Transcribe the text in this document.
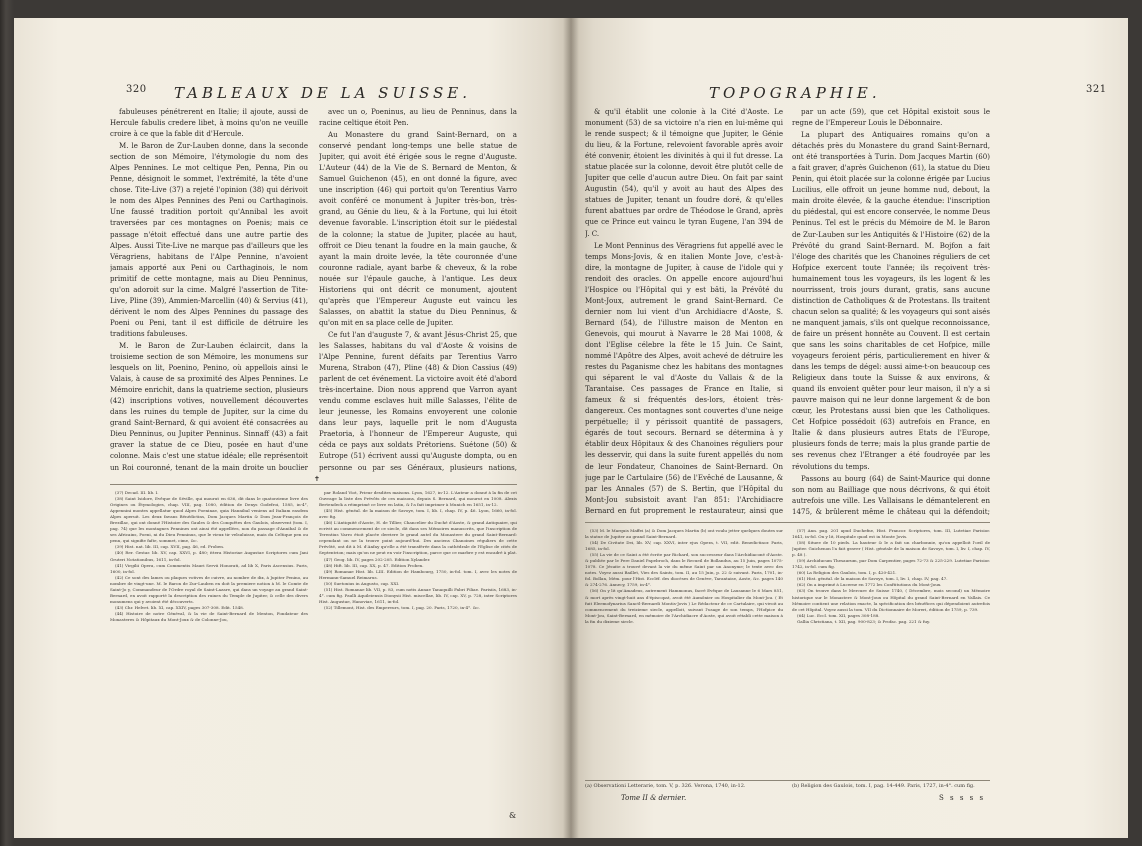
320 TABLEAUX DE LA SUISSE.

fabuleuses pénétrerent en Italie; il ajoute, aussi de Hercule fabulis credere libet, à moins qu'on ne veuille croire à ce que la fable dit d'Hercule.

M. le Baron de Zur-Lauben donne, dans la seconde section de son Mémoire, l'étymologie du nom des Alpes Pennines. Le mot celtique Pen, Penna, Pin ou Penne, désignoit le sommet, l'extrémité, la tête d'une chose. Tite-Live (37) a rejeté l'opinion (38) qui dérivoit le nom des Alpes Pennines des Peni ou Carthaginois. Une faussé tradition portoit qu'Annibal les avoit traversées par ces montagnes on Poenis; mais ce passage n'étoit effectué dans une autre partie des Alpes. Aussi Tite-Live ne marque pas d'ailleurs que les Véragriens, habitans de l'Alpe Pennine, n'avoient jamais apporté aux Peni ou Carthaginois, le nom primitif de cette montagne, mais au Dieu Penninus, qu'on adoroit sur la cime. Malgré l'assertion de Tite-Live, Pline (39), Ammien-Marcellin (40) & Servius (41), dérivent le nom des Alpes Pennines du passage des Poeni ou Peni, tant il est difficile de détruire les traditions fabuleuses.

M. le Baron de Zur-Lauben éclaircit, dans la troisieme section de son Mémoire, les monumens sur lesquels on lit, Poenino, Penino, où appellois ainsi le Valais, à cause de sa proximité des Alpes Pennines. Le Mémoire enrichit, dans la quatrieme section, plusieurs (42) inscriptions votives, nouvellement découvertes dans les ruines du temple de Jupiter, sur la cime du grand Saint-Bernard, & qui avoient été consacrées au Dieu Penninus, ou Jupiter Penninus. Sinnaff (43) a fait graver la statue de ce Dieu, posée en haut d'une colonne. Mais c'est une statue idéale; elle représentoit un Roi couronné, tenant de la main droite un bouclier

avec un o, Poeninus, au lieu de Penninus, dans la racine celtique étoit Pen.

Au Monastere du grand Saint-Bernard, on a conservé pendant long-temps une belle statue de Jupiter, qui avoit été érigée sous le regne d'Auguste. L'Auteur (44) de la Vie de S. Bernard de Menton, & Samuel Guichenon (45), en ont donné la figure, avec une inscription (46) qui portoit qu'on Terentius Varro avoit conféré ce monument à Jupiter très-bon, très-grand, au Génie du lieu, & à la Fortune, qui lui étoit devenue favorable. L'inscription étoit sur le piédestal de la colonne; la statue de Jupiter, placée au haut, offroit ce Dieu tenant la foudre en la main gauche, & ayant la main droite levée, la tête couronnée d'une couronne radiale, ayant barbe & cheveux, & la robe nouée sur l'épaule gauche, à l'antique. Les deux Historiens qui ont décrit ce monument, ajoutent qu'après que l'Empereur Auguste eut vaincu les Salasses, on abattit la statue du Dieu Penninus, & qu'on mit en sa place celle de Jupiter.

Ce fut l'an d'auguste 7, & avant Jésus-Christ 25, que les Salasses, habitans du val d'Aoste & voisins de l'Alpe Pennine, furent défaits par Terentius Varro Murena, Strabon (47), Pline (48) & Dion Cassius (49) parlent de cet événement. La victoire avoit été d'abord très-incertaine. Dion nous apprend que Varron ayant vendu comme esclaves huit mille Salasses, l'élite de leur jeunesse, les Romains envoyerent une colonie dans leur pays, laquelle prit le nom d'Augusta Praetoria, à l'honneur de l'Empereur Auguste, qui céda ce pays aux soldats Prétoriens. Suétone (50) & Eutrope (51) écrivent aussi qu'Auguste dompta, ou en personne ou par ses Généraux, plusieurs nations,

✝

(37) Decad. III. lib. I.

(38) Saint Isidore, Evêque de Séville, qui mourut en 636, dit dans le quatorzieme livre des Origines ou Étymologies, chap. VIII, pag. 1080, édition de Denys Godefroi, 1585, in-4°, Appennini montes appellatur quod Alpes Poeninae, quia Hannibal veniens ad Italiam easdem Alpes aperuit. Les deux favans Bénédictins, Dom Jacques Martin & Dom Jean-François de Brezillac, qui ont donné l'Histoire des Gaules & des Conquêtes des Gaulois, observent (tom. I, pag. 74) que les montagnes Pennines ont ainsi été appellées, non du passage d'Annibal & de ses Africains, Poeni, ni du Dieu Penninus, que le vieux tir velsuluisse, mais du Celtique pen ou penn, qui signifie faîte, sommet, cime, &c.

(39) Hist. nat. lib. III, cap. XVII, pag. 46, ed. Froben.

(40) Rer. Gestar. lib. XV, cap. XXVI, p. 480; ittera Historiae Augustae Scriptores cum Jani Gruteri Notationibus, 1611, in-fol.

(41) Virgilii Opera, cum Commentis Mauri Servii Honorati, ad lib X, Paris Ascensius. Paris, 1600, in-fol.

(42) Ce sont des lames ou plaques votives de cuivre, au nombre de dix, à Jupiter Penino, au nombre de vingt-une. M. le Baron de Zur-Lauben en doit la premiere notion à M. le Comte de Saint-Jo y, Commandeur de l'Ordre royal de Saint-Lazare, qui dans un voyage au grand Saint-Bernard, en avoit rapporté la description des ruines du Temple de Jupiter, & celle des divers monumens qui y avoient été découverts.

(43) Chr. Helvet. lib. XI, cap. XXIV, pages 307-308. Edit. 1548.

(44) Histoire de notre Généval, & la vie de Saint-Bernard de Menton, Fondateur des Monasteres & Hôpitaux du Mont-Joux & de Colonne-Jou,

par Roland Viot, Prieur desdites maisons. Lyon, 1627, in-12. L'Auteur a donné à la fin de cet Ouvrage la liste des Prévôts de ces maisons, depuis S. Bernard, qui mourut en 1008. Alexis Bertendeck a réimprimé ce livre en latin, & l'a fait imprimer à Munich en 1651, in-12.

(45) Hist. généal. de la maison de Savoye, tom. I, lib. I, chap. IV, p. 46. Lyon, 1660, in-fol. avec fig.

(46) L'Antiquité d'Aoste, H. de Tillier, Chancelier du Duché d'Aoste, & grand Antiquaire, qui ecrivit au commencement de ce siecle, dit dans ses Mémoires manuscrits, que l'inscription de Terentius Varro étoit placée derriere le grand autel du Monastere du grand Saint-Bernard: cependant on ne la trouve point aujourd'hui. Des anciens Chanoines réguliers de cette Prévôté, ont dit à M. d'Anfay qu'elle a été transférée dans la cathédrale de l'Eglise de cités de Septentrion; mais qu'on ne peut en voir l'inscription, parce que ce marbre y est encadré à plat.

(47) Geog. lib. IV, pages 202-205. Edition Xylander.

(48) Hift. lib. III, cap. XX, p. 47. Edition Froben.

(49) Romanae Hist. lib. LIII. Edition de Hambourg, 1750, in-fol. tom. I, avec les notes de Hermann-Samuel Reimarus.

(50) Suetonius in Augusto, cap. XXI.

(51) Hist. Romanae lib. VII, p. 83, cum notis Annae Tanaquilli Fabri Filiae. Parisiis, 1683, in-4°. cum fig. Paulli Aquileiensis Dionysii Hist. miscellae, lib. IV, cap. XV, p. 728, inter Scriptores Hist. Augustae, Hanoviae, 1611, in-fol.

(52) Tillemont, Hist. des Empereurs, tom. I, pag. 20. Paris, 1720, in-4°. &c.

&
TOPOGRAPHIE.	321

& qu'il établit une colonie à la Cité d'Aoste. Le monument (53) de sa victoire n'a rien en lui-même qui le rende suspect; & il témoigne que Jupiter, le Génie du lieu, & la Fortune, relevoient favorable après avoir été convenir, étoient les divinités à qui il fut dresse. La statue placée sur la colonne, devoit être plutôt celle de Jupiter que celle d'aucun autre Dieu. On fait par saint Augustin (54), qu'il y avoit au haut des Alpes des statues de Jupiter, tenant un foudre doré, & qu'elles furent abattues par ordre de Théodose le Grand, après que ce Prince eut vaincu le tyran Eugene, l'an 394 de J. C.

Le Mont Penninus des Véragriens fut appellé avec le temps Mons-Jovis, & en italien Monte Jove, c'est-à-dire, la montagne de Jupiter, à cause de l'idole qui y rendoit des oracles. On appelle encore aujourd'hui l'Hospice ou l'Hôpital qui y est bâti, la Prévôté du Mont-Joux, autrement le grand Saint-Bernard. Ce dernier nom lui vient d'un Archidiacre d'Aoste, S. Bernard (54), de l'illustre maison de Menton en Genevois, qui mourut à Navarre le 28 Mai 1008, & dont l'Eglise célebre la fête le 15 Juin. Ce Saint, nommé l'Apôtre des Alpes, avoit achevé de détruire les restes du Paganisme chez les habitans des montagnes qui séparent le val d'Aoste du Vallais & de la Tarantaise. Ces passages de France en Italie, si fameux & si fréquentés des-lors, étoient très-dangereux. Ces montagnes sont couvertes d'une neige perpétuelle; il y périssoit quantité de passagers, égarés de tout secours. Bernard se détermina à y établir deux Hôpitaux & des Chanoines réguliers pour les desservir, qui dans la suite furent appellés du nom de leur Fondateur, Chanoines de Saint-Bernard. On juge par le Cartulaire (56) de l'Evêché de Lausanne, & par les Annales (57) de S. Bertin, que l'Hôpital du Mont-Jou subsistoit avant l'an 851: l'Archidiacre Bernard en fut proprement le restaurateur, ainsi que

par un acte (59), que cet Hôpital existoit sous le regne de l'Empereur Louis le Débonnaire.

La plupart des Antiquaires romains qu'on a détachés près du Monastere du grand Saint-Bernard, ont été transportées à Turin. Dom Jacques Martin (60) a fait graver, d'après Guichenon (61), la statue du Dieu Penin, qui étoit placée sur la colonne érigée par Lucius Lucilius, elle offroit un jeune homme nud, debout, la main droite élevée, & la gauche étendue: l'inscription du piédestal, qui est encore conservée, le nomme Deus Peninus. Tel est le précis du Mémoire de M. le Baron de Zur-Lauben sur les Antiquités & l'Histoire (62) de la Prévôté du grand Saint-Bernard. M. Bojfon a fait l'éloge des charités que les Chanoines réguliers de cet Hofpice exercent toute l'année; ils reçoivent très-humainement tous les voyageurs, ils les logent & les nourrissent, trois jours durant, gratis, sans aucune distinction de Catholiques & de Protestans. Ils traitent chacun selon sa qualité; & les voyageurs qui sont aisés ne manquent jamais, s'ils ont quelque reconnoissance, de faire un présent honnête au Couvent. Il est certain que sans les soins charitables de cet Hofpice, mille voyageurs feroient péris, particulierement en hiver & dans les temps de dégel: aussi aime-t-on beaucoup ces Religieux dans toute la Suisse & aux environs, & quand ils envoient quêter pour leur maison, il n'y a si pauvre maison qui ne leur donne largement & de bon cœur, les Protestans aussi bien que les Catholiques. Cet Hofpice possédoit (63) autrefois en France, en Italie & dans plusieurs autres Etats de l'Europe, plusieurs fonds de terre; mais la plus grande partie de ses revenus chez l'Etranger a été foudroyée par les révolutions du temps.

Passons au bourg (64) de Saint-Maurice qui donne son nom au Bailliage que nous décrivons, & qui étoit autrefois une ville. Les Vallaisans le démantelerent en 1475, & brûlerent même le château qui la défendoit;

(53) M. le Marquis Maffei (a) & Dom Jacques Martin (b) ont voulu jetter quelques doutes sur la statue de Jupiter au grand Saint-Bernard.

(54) De Civitate Dei, lib. XV, cap. XXVI, inter ejus Opera, t. VII, edit. Benedictinor. Paris, 1685, in-fol.

(55) La vie de ce Saint a été écrite par Richard, son successeur dans l'Archidiaconé d'Aoste. & publiée par le Pere Daniel Papebroch, dans le Recueil de Bollandus, au 15 Juin, pages 1075-1078. Ce Jésuite a trouvé devant la vie du même Saint par un Anonyme; le texte avec des notes. Voyez aussi Baillet, Vies des Saints, tom. II, au 15 Juin, p. 22 & suivant. Paris, 1701, in-fol. Bollan, Mém. pour l'Hist. Eccléf. des diocèses de Genève, Tarantaise, Aoste, &c. pages 140 & 274-276. Annecy, 1759, in-4°.

(56) On y lit qu'Amadeus, autrement Hammonus, facré Evêque de Lausanne le 6 Mars 851, & mort après vingt-huit ans d'épiscopat, avoit été Aumônier ou Hospitalier du Mont-Jou. ( Et fuit Eleemofynarius Sanctl-Bernardi Montis-Jovis ) Le Rédacteur de ce Cartulaire, qui vivoit au commencement du treizieme siecle, appelloit, suivant l'usage de son temps, l'Hofpice du Mont-Jou, Saint-Bernard, en mémoire de l'Archidiacre d'Aoste, qui avoit rétabli cette maison à la fin du dixieme siecle.

(57) Ann. pag. 201 apud Duchefne, Hist. Francor. Scriptores, tom. III, Lutetiae Parisior. 1641, in-fol. On y lit, Hospitale quod est in Monte Jovis.

(58) Situee de 10 pieds. La hauteur & le a fait un charbonnie, qu'on appelloit l'oeil de Jupiter. Guichenon l'a fait graver ( Hist. généale de la maison de Savoye, tom. I, liv. I, chap. IV, p. 48 ).

(59) Archiducum Thesaurum, par Dom Carpentier, pages 72-73 & 225-229. Lutetiae Parisior. 1742, in-fol. cum fig.

(60) La Religion des Gaulois, tom. I, p. 420-421.

(61) Hist. généal. de la maison de Savoye, tom. I, liv. I, chap. IV, pag. 47.

(62) On a imprimé à Lucerne en 1772 les Conftitutions du Mont-Joux.

(63) On trouve dans le Mercure de Suisse 1740, ( Décembre, mois second) un Mémoire historique sur le Monastere & Mont-Joux ou Hôpital du grand Saint-Bernard en Vallais. Ce Mémoire contient une relation exacte, la spécification des bénéfices qui dépendoient autrefois de cet Hôpital. Voyez aussi la tom. VII du Dictionnaire de Moreri, édition de 1759, p. 739.

(64) Luc. Eccl. tom. XII, pages 308-188.

Gallia Christiana, t. XII, pag. 900-823; & Profac. pag. 221 & fuy.

(a) Observationi Letterarie, tom. V, p. 326. Verona, 1740, in-12.	(b) Religion des Gaulois, tom. I, pag. 14-449. Paris, 1727, in-4°. cum fig.
Tome II & dernier.	S s s s s
